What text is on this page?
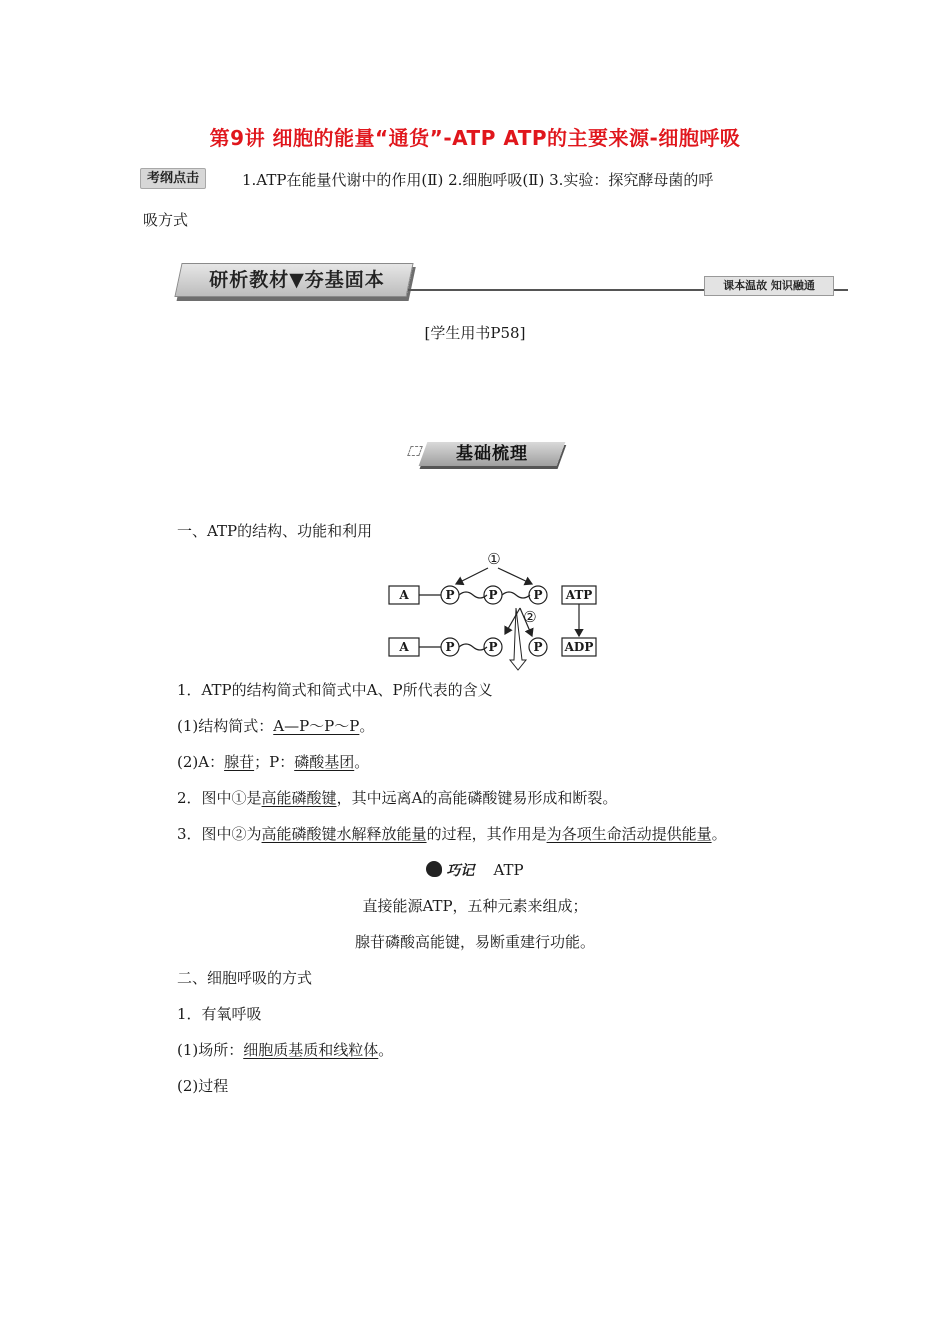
第9讲 细胞的能量“通货”-ATP ATP的主要来源-细胞呼吸
考纲点击	1.ATP在能量代谢中的作用(Ⅱ) 2.细胞呼吸(Ⅱ) 3.实验：探究酵母菌的呼
吸方式
研析教材▼夯基固本	课本温故 知识融通
[学生用书P58]
基础梳理
一、ATP的结构、功能和利用
A	P	P	P
A	P	P	P
①
②
ATP
ADP
1．ATP的结构简式和简式中A、P所代表的含义
(1)结构简式：A—P～P～P。
(2)A：腺苷；P：磷酸基团。
2．图中①是高能磷酸键，其中远离A的高能磷酸键易形成和断裂。
3．图中②为高能磷酸键水解释放能量的过程，其作用是为各项生命活动提供能量。
巧记 ATP
直接能源ATP，五种元素来组成；
腺苷磷酸高能键，易断重建行功能。
二、细胞呼吸的方式
1．有氧呼吸
(1)场所：细胞质基质和线粒体。
(2)过程
